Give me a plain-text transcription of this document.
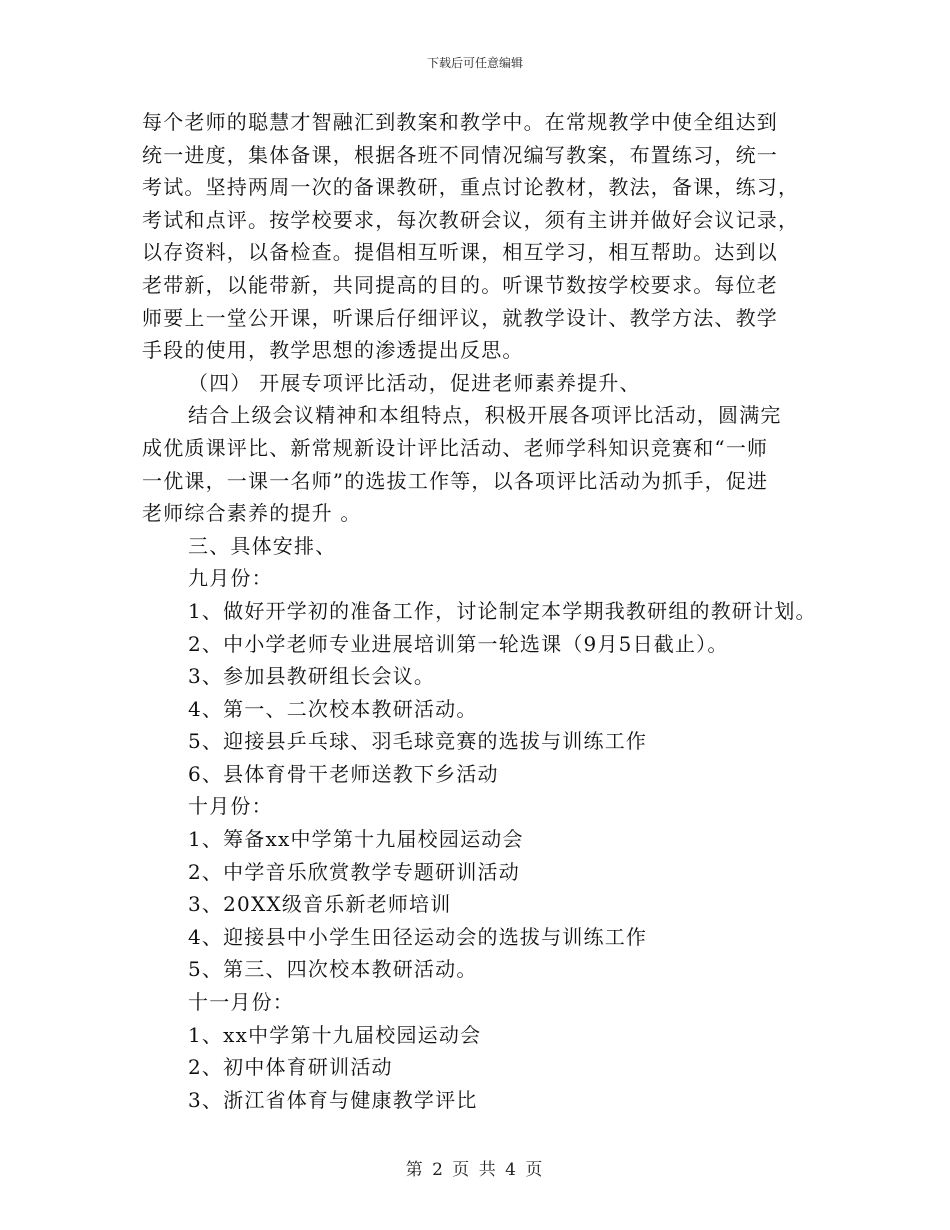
下载后可任意编辑
每个老师的聪慧才智融汇到教案和教学中。在常规教学中使全组达到
统一进度，集体备课，根据各班不同情况编写教案，布置练习，统一
考试。坚持两周一次的备课教研，重点讨论教材，教法，备课，练习，
考试和点评。按学校要求，每次教研会议，须有主讲并做好会议记录，
以存资料，以备检查。提倡相互听课，相互学习，相互帮助。达到以
老带新，以能带新，共同提高的目的。听课节数按学校要求。每位老
师要上一堂公开课，听课后仔细评议，就教学设计、教学方法、教学
手段的使用，教学思想的渗透提出反思。
（四） 开展专项评比活动，促进老师素养提升、
结合上级会议精神和本组特点，积极开展各项评比活动，圆满完
成优质课评比、新常规新设计评比活动、老师学科知识竞赛和“一师
一优课，一课一名师”的选拔工作等，以各项评比活动为抓手，促进
老师综合素养的提升 。
三、具体安排、
九月份：
1、做好开学初的准备工作，讨论制定本学期我教研组的教研计划。
2、中小学老师专业进展培训第一轮选课（9月5日截止）。
3、参加县教研组长会议。
4、第一、二次校本教研活动。
5、迎接县乒乓球、羽毛球竞赛的选拔与训练工作
6、县体育骨干老师送教下乡活动
十月份：
1、筹备xx中学第十九届校园运动会
2、中学音乐欣赏教学专题研训活动
3、20XX级音乐新老师培训
4、迎接县中小学生田径运动会的选拔与训练工作
5、第三、四次校本教研活动。
十一月份：
1、xx中学第十九届校园运动会
2、初中体育研训活动
3、浙江省体育与健康教学评比
第 2 页 共 4 页
